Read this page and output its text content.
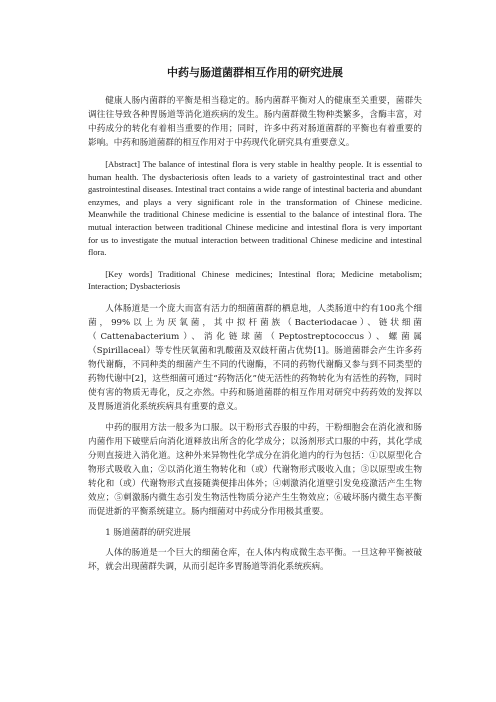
中药与肠道菌群相互作用的研究进展

健康人肠内菌群的平衡是相当稳定的。肠内菌群平衡对人的健康至关重要，菌群失调往往导致各种胃肠道等消化道疾病的发生。肠内菌群微生物种类繁多，含酶丰富，对中药成分的转化有着相当重要的作用；同时，许多中药对肠道菌群的平衡也有着重要的影响。中药和肠道菌群的相互作用对于中药现代化研究具有重要意义。

[Abstract] The balance of intestinal flora is very stable in healthy people. It is essential to human health. The dysbacteriosis often leads to a variety of gastrointestinal tract and other gastrointestinal diseases. Intestinal tract contains a wide range of intestinal bacteria and abundant enzymes, and plays a very significant role in the transformation of Chinese medicine. Meanwhile the traditional Chinese medicine is essential to the balance of intestinal flora. The mutual interaction between traditional Chinese medicine and intestinal flora is very important for us to investigate the mutual interaction between traditional Chinese medicine and intestinal flora.

[Key words] Traditional Chinese medicines; Intestinal flora; Medicine metabolism; Interaction; Dysbacteriosis

人体肠道是一个庞大而富有活力的细菌菌群的栖息地，人类肠道中约有100兆个细菌，99%以上为厌氧菌，其中拟杆菌族（Bacteriodacae）、链状细菌（Cattenabacterium）、消化链球菌（Peptostreptococcus）、螺菌属（Spirillaceal）等专性厌氧菌和乳酸菌及双歧杆菌占优势[1]。肠道菌群会产生许多药物代谢酶，不同种类的细菌产生不同的代谢酶，不同的药物代谢酶又参与到不同类型的药物代谢中[2]，这些细菌可通过“药物活化”使无活性的药物转化为有活性的药物，同时使有害的物质无毒化，反之亦然。中药和肠道菌群的相互作用对研究中药药效的发挥以及胃肠道消化系统疾病具有重要的意义。

中药的服用方法一般多为口服。以干粉形式吞服的中药，干粉细胞会在消化液和肠内菌作用下破壁后向消化道释放出所含的化学成分；以汤剂形式口服的中药，其化学成分则直接进入消化道。这种外来异物性化学成分在消化道内的行为包括：①以原型化合物形式吸收入血；②以消化道生物转化和（或）代谢物形式吸收入血；③以原型或生物转化和（或）代谢物形式直接随粪便排出体外；④刺激消化道壁引发免疫激活产生生物效应；⑤刺激肠内微生态引发生物活性物质分泌产生生物效应；⑥破坏肠内微生态平衡而促进新的平衡系统建立。肠内细菌对中药成分作用极其重要。

1 肠道菌群的研究进展

人体的肠道是一个巨大的细菌仓库，在人体内构成微生态平衡。一旦这种平衡被破坏，就会出现菌群失调，从而引起许多胃肠道等消化系统疾病。
